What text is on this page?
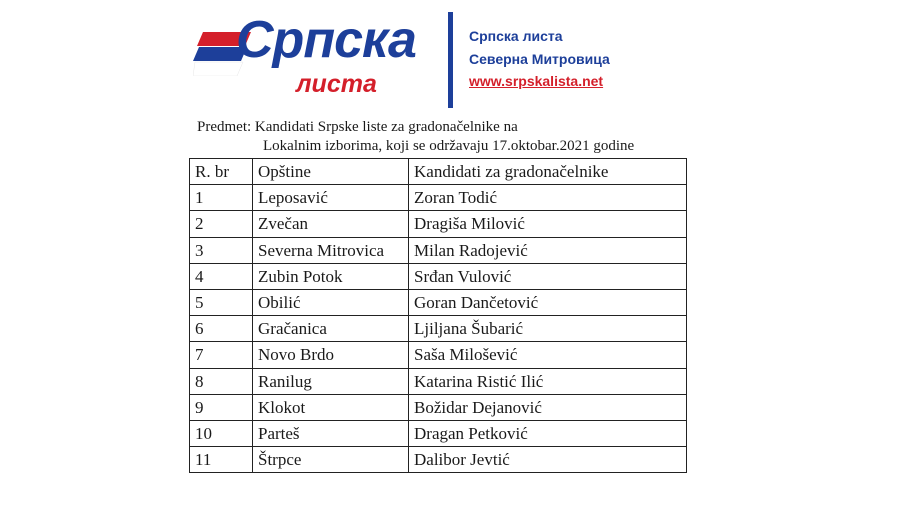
Српска
листа
Српска листа
Северна Митровица
www.srpskalista.net
Predmet: Kandidati Srpske liste za gradonačelnike na
Lokalnim izborima, koji se održavaju 17.oktobar.2021 godine
R. br	Opštine	Kandidati za gradonačelnike
1	Leposavić	Zoran Todić
2	Zvečan	Dragiša Milović
3	Severna Mitrovica	Milan Radojević
4	Zubin Potok	Srđan Vulović
5	Obilić	Goran Dančetović
6	Gračanica	Ljiljana Šubarić
7	Novo Brdo	Saša Milošević
8	Ranilug	Katarina Ristić Ilić
9	Klokot	Božidar Dejanović
10	Parteš	Dragan Petković
11	Štrpce	Dalibor Jevtić
